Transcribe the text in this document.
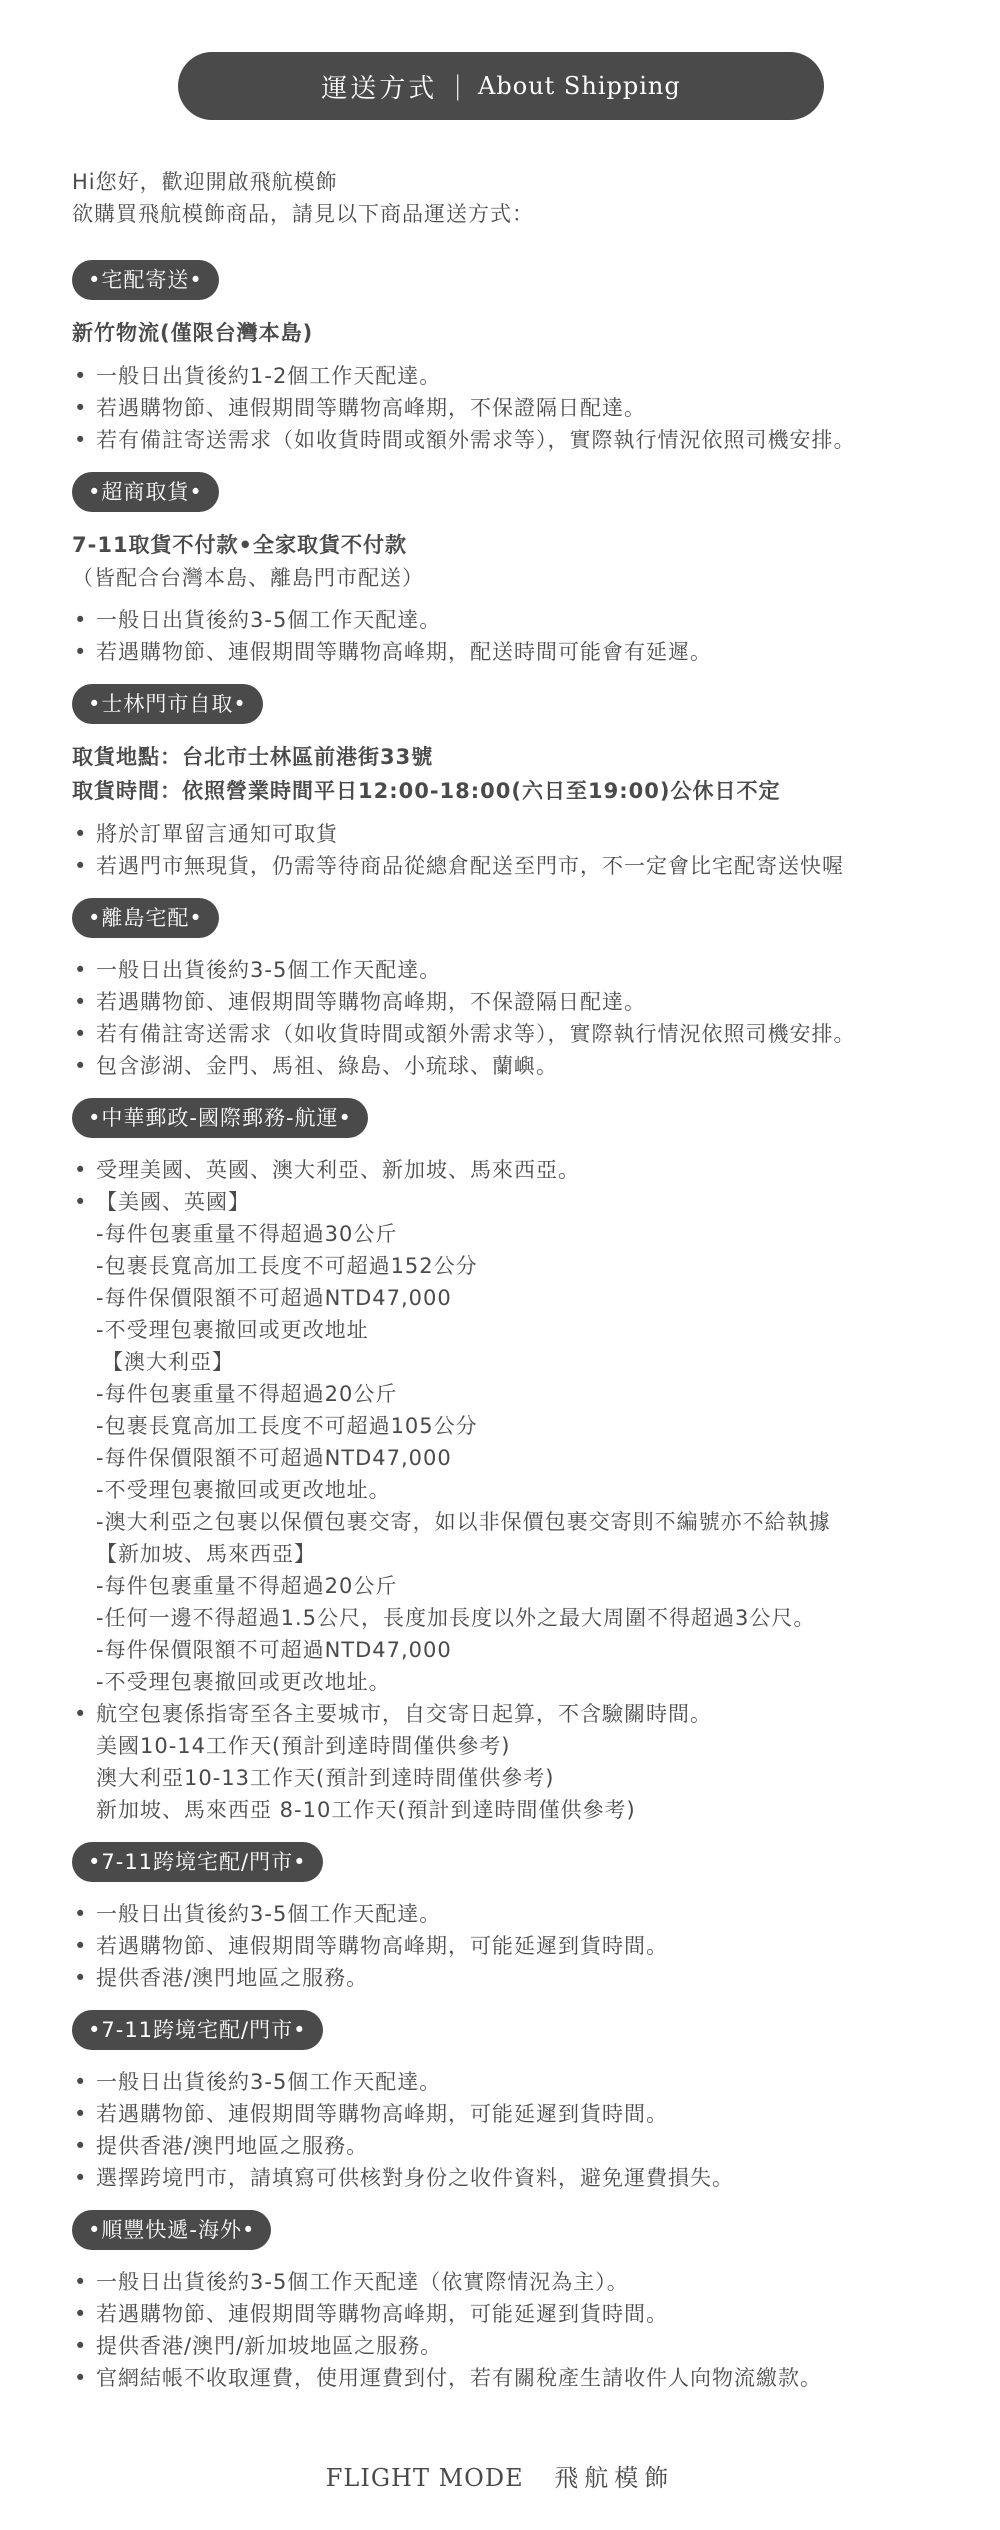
運送方式 | About Shipping
Hi您好，歡迎開啟飛航模飾
欲購買飛航模飾商品，請見以下商品運送方式：
•宅配寄送•
新竹物流(僅限台灣本島)
• 一般日出貨後約1-2個工作天配達。
• 若遇購物節、連假期間等購物高峰期，不保證隔日配達。
• 若有備註寄送需求（如收貨時間或額外需求等），實際執行情況依照司機安排。
•超商取貨•
7-11取貨不付款•全家取貨不付款
（皆配合台灣本島、離島門市配送）
• 一般日出貨後約3-5個工作天配達。
• 若遇購物節、連假期間等購物高峰期，配送時間可能會有延遲。
•士林門市自取•
取貨地點：台北市士林區前港街33號
取貨時間：依照營業時間平日12:00-18:00(六日至19:00)公休日不定
• 將於訂單留言通知可取貨
• 若遇門市無現貨，仍需等待商品從總倉配送至門市，不一定會比宅配寄送快喔
•離島宅配•
• 一般日出貨後約3-5個工作天配達。
• 若遇購物節、連假期間等購物高峰期，不保證隔日配達。
• 若有備註寄送需求（如收貨時間或額外需求等），實際執行情況依照司機安排。
• 包含澎湖、金門、馬祖、綠島、小琉球、蘭嶼。
•中華郵政-國際郵務-航運•
• 受理美國、英國、澳大利亞、新加坡、馬來西亞。
• 【美國、英國】
-每件包裹重量不得超過30公斤
-包裹長寬高加工長度不可超過152公分
-每件保價限額不可超過NTD47,000
-不受理包裹撤回或更改地址
【澳大利亞】
-每件包裹重量不得超過20公斤
-包裹長寬高加工長度不可超過105公分
-每件保價限額不可超過NTD47,000
-不受理包裹撤回或更改地址。
-澳大利亞之包裹以保價包裹交寄，如以非保價包裹交寄則不編號亦不給執據
【新加坡、馬來西亞】
-每件包裹重量不得超過20公斤
-任何一邊不得超過1.5公尺，長度加長度以外之最大周圍不得超過3公尺。
-每件保價限額不可超過NTD47,000
-不受理包裹撤回或更改地址。
• 航空包裹係指寄至各主要城市，自交寄日起算，不含驗關時間。
美國10-14工作天(預計到達時間僅供參考)
澳大利亞10-13工作天(預計到達時間僅供參考)
新加坡、馬來西亞 8-10工作天(預計到達時間僅供參考)
•7-11跨境宅配/門市•
• 一般日出貨後約3-5個工作天配達。
• 若遇購物節、連假期間等購物高峰期，可能延遲到貨時間。
• 提供香港/澳門地區之服務。
•7-11跨境宅配/門市•
• 一般日出貨後約3-5個工作天配達。
• 若遇購物節、連假期間等購物高峰期，可能延遲到貨時間。
• 提供香港/澳門地區之服務。
• 選擇跨境門市，請填寫可供核對身份之收件資料，避免運費損失。
•順豐快遞-海外•
• 一般日出貨後約3-5個工作天配達（依實際情況為主）。
• 若遇購物節、連假期間等購物高峰期，可能延遲到貨時間。
• 提供香港/澳門/新加坡地區之服務。
• 官網結帳不收取運費，使用運費到付，若有關稅產生請收件人向物流繳款。
FLIGHT MODE 飛航模飾
